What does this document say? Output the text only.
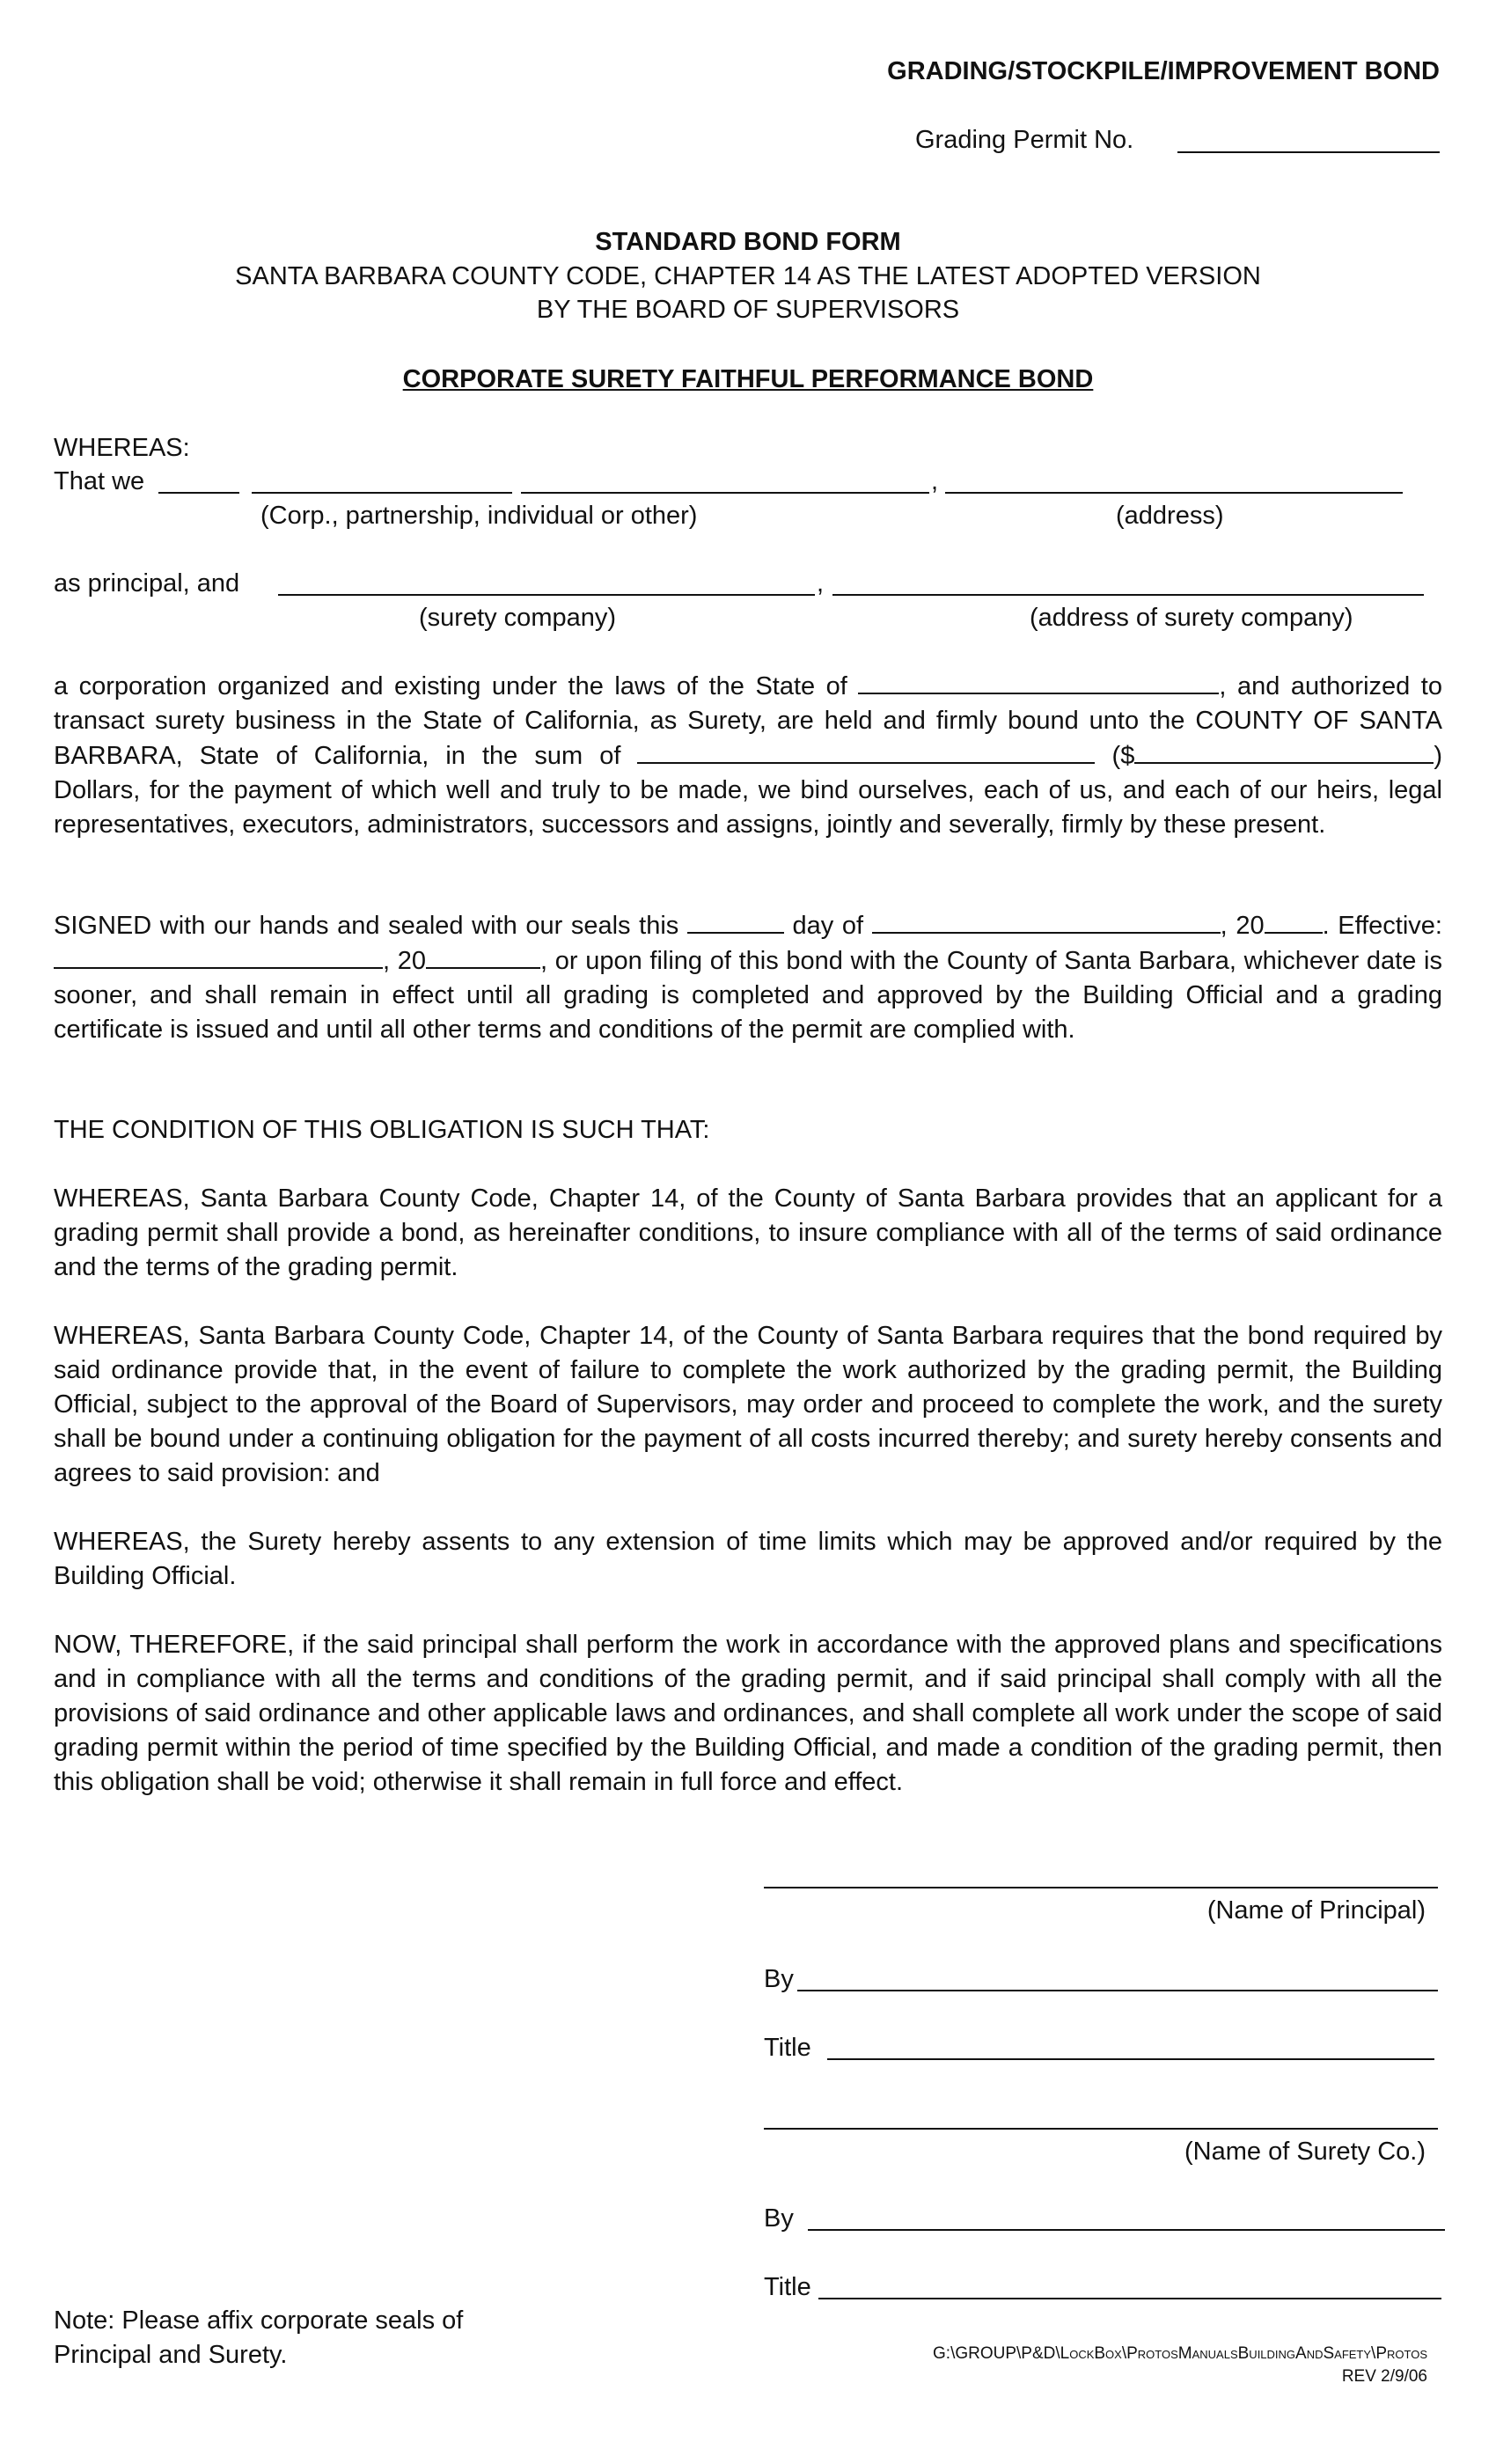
GRADING/STOCKPILE/IMPROVEMENT BOND
Grading Permit No.
STANDARD BOND FORM
SANTA BARBARA COUNTY CODE, CHAPTER 14 AS THE LATEST ADOPTED VERSION
BY THE BOARD OF SUPERVISORS
CORPORATE SURETY FAITHFUL PERFORMANCE BOND
WHEREAS:
That we	,
(Corp., partnership, individual or other)	(address)
as principal, and	,
(surety company)	(address of surety company)
a corporation organized and existing under the laws of the State of	, and authorized to transact surety business in the State of California, as Surety, are held and firmly bound unto the COUNTY OF SANTA BARBARA, State of California, in the sum of	($	) Dollars, for the payment of which well and truly to be made, we bind ourselves, each of us, and each of our heirs, legal representatives, executors, administrators, successors and assigns, jointly and severally, firmly by these present.
SIGNED with our hands and sealed with our seals this	day of	, 20 . Effective: , 20	, or upon filing of this bond with the County of Santa Barbara, whichever date is sooner, and shall remain in effect until all grading is completed and approved by the Building Official and a grading certificate is issued and until all other terms and conditions of the permit are complied with.
THE CONDITION OF THIS OBLIGATION IS SUCH THAT:
WHEREAS, Santa Barbara County Code, Chapter 14, of the County of Santa Barbara provides that an applicant for a grading permit shall provide a bond, as hereinafter conditions, to insure compliance with all of the terms of said ordinance and the terms of the grading permit.
WHEREAS, Santa Barbara County Code, Chapter 14, of the County of Santa Barbara requires that the bond required by said ordinance provide that, in the event of failure to complete the work authorized by the grading permit, the Building Official, subject to the approval of the Board of Supervisors, may order and proceed to complete the work, and the surety shall be bound under a continuing obligation for the payment of all costs incurred thereby; and surety hereby consents and agrees to said provision: and
WHEREAS, the Surety hereby assents to any extension of time limits which may be approved and/or required by the Building Official.
NOW, THEREFORE, if the said principal shall perform the work in accordance with the approved plans and specifications and in compliance with all the terms and conditions of the grading permit, and if said principal shall comply with all the provisions of said ordinance and other applicable laws and ordinances, and shall complete all work under the scope of said grading permit within the period of time specified by the Building Official, and made a condition of the grading permit, then this obligation shall be void; otherwise it shall remain in full force and effect.
(Name of Principal)
By
Title
(Name of Surety Co.)
By
Title
Note: Please affix corporate seals of
Principal and Surety.	G:\GROUP\P&D\LockBox\ProtosManualsBuildingAndSafety\Protos
REV 2/9/06
